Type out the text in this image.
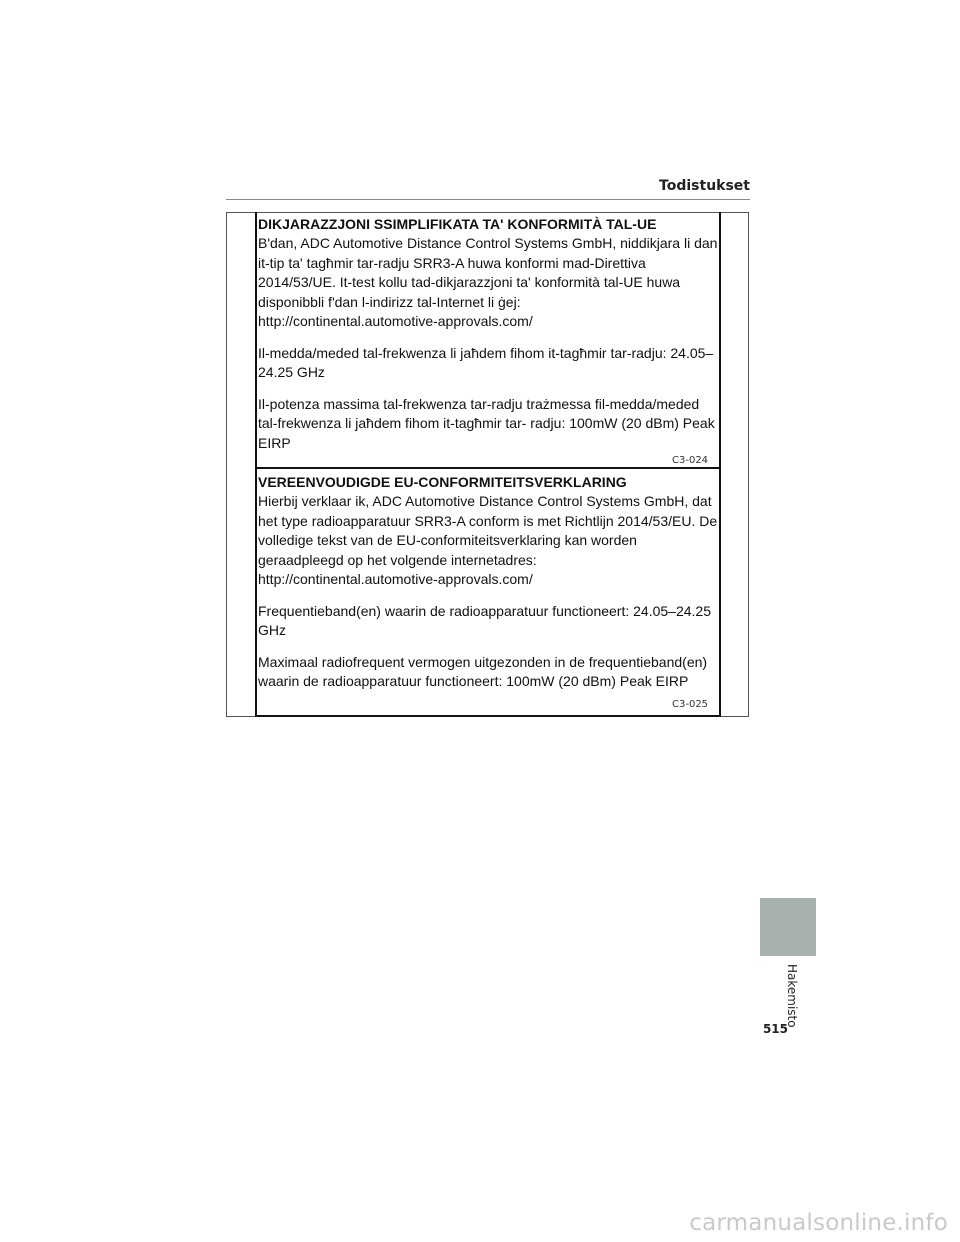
Todistukset
DIKJARAZZJONI SSIMPLIFIKATA TA' KONFORMITÀ TAL-UE

B'dan, ADC Automotive Distance Control Systems GmbH, niddikjara li dan it-tip ta' tagħmir tar-radju SRR3-A huwa konformi mad-Direttiva 2014/53/UE. It-test kollu tad-dikjarazzjoni ta' konformità tal-UE huwa disponibbli f'dan l-indirizz tal-Internet li ġej:

http://continental.automotive-approvals.com/

Il-medda/meded tal-frekwenza li jaħdem fihom it-tagħmir tar-radju: 24.05–24.25 GHz

Il-potenza massima tal-frekwenza tar-radju trażmessa fil-medda/meded tal-frekwenza li jaħdem fihom it-tagħmir tar- radju: 100mW (20 dBm) Peak EIRP

C3-024
VEREENVOUDIGDE EU-CONFORMITEITSVERKLARING

Hierbij verklaar ik, ADC Automotive Distance Control Systems GmbH, dat het type radioapparatuur SRR3-A conform is met Richtlijn 2014/53/EU. De volledige tekst van de EU-conformiteitsverklaring kan worden geraadpleegd op het volgende internetadres:

http://continental.automotive-approvals.com/

Frequentieband(en) waarin de radioapparatuur functioneert: 24.05–24.25 GHz

Maximaal radiofrequent vermogen uitgezonden in de frequentieband(en) waarin de radioapparatuur functioneert: 100mW (20 dBm) Peak EIRP

C3-025
Hakemisto
515
carmanualsonline.info
